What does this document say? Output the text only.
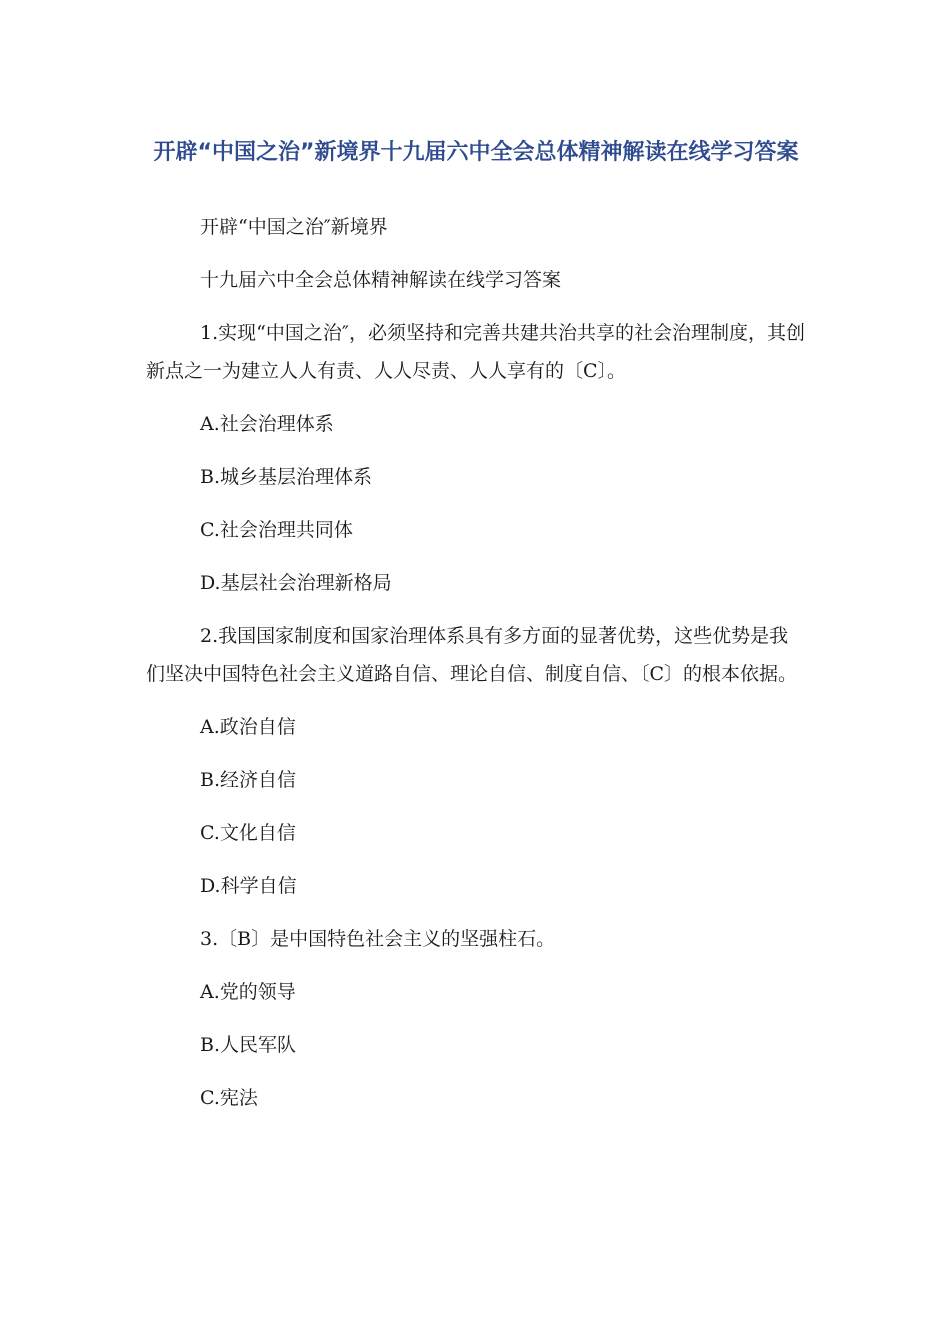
开辟“中国之治”新境界十九届六中全会总体精神解读在线学习答案

开辟“中国之治″新境界

十九届六中全会总体精神解读在线学习答案

1.实现“中国之治″，必须坚持和完善共建共治共享的社会治理制度，其创新点之一为建立人人有责、人人尽责、人人享有的〔C〕。

A.社会治理体系

B.城乡基层治理体系

C.社会治理共同体

D.基层社会治理新格局

2.我国国家制度和国家治理体系具有多方面的显著优势，这些优势是我们坚决中国特色社会主义道路自信、理论自信、制度自信、〔C〕的根本依据。

A.政治自信

B.经济自信

C.文化自信

D.科学自信

3.〔B〕是中国特色社会主义的坚强柱石。

A.党的领导

B.人民军队

C.宪法
